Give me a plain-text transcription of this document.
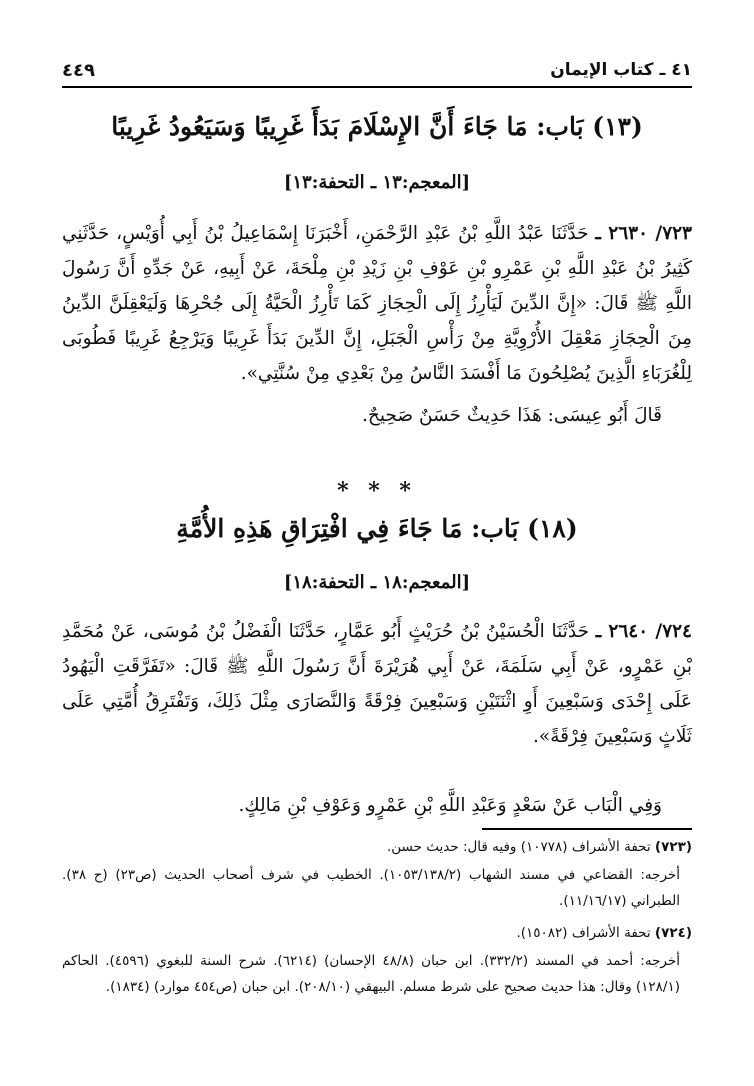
٤١ ـ كتاب الإيمان
٤٤٩
(١٣) بَاب: مَا جَاءَ أَنَّ الإِسْلَامَ بَدَأَ غَرِيبًا وَسَيَعُودُ غَرِيبًا
[المعجم:١٣ ـ التحفة:١٣]
٧٢٣/ ٢٦٣٠ ـ حَدَّثَنَا عَبْدُ اللَّهِ بْنُ عَبْدِ الرَّحْمَنِ، أَخْبَرَنَا إِسْمَاعِيلُ بْنُ أَبِي أُوَيْسٍ، حَدَّثَنِي كَثِيرُ بْنُ عَبْدِ اللَّهِ بْنِ عَمْرِو بْنِ عَوْفِ بْنِ زَيْدِ بْنِ مِلْحَةَ، عَنْ أَبِيهِ، عَنْ جَدِّهِ أَنَّ رَسُولَ اللَّهِ ﷺ قَالَ: «إِنَّ الدِّينَ لَيَأْرِزُ إِلَى الْحِجَازِ كَمَا تَأْرِزُ الْحَيَّةُ إِلَى جُحْرِهَا وَلَيَعْقِلَنَّ الدِّينُ مِنَ الْحِجَازِ مَعْقِلَ الأُرْوِيَّةِ مِنْ رَأْسِ الْجَبَلِ، إِنَّ الدِّينَ بَدَأَ غَرِيبًا وَيَرْجِعُ غَرِيبًا فَطُوبَى لِلْغُرَبَاءِ الَّذِينَ يُصْلِحُونَ مَا أَفْسَدَ النَّاسُ مِنْ بَعْدِي مِنْ سُنَّتِي».
قَالَ أَبُو عِيسَى: هَذَا حَدِيثٌ حَسَنٌ صَحِيحٌ.
* * *
(١٨) بَاب: مَا جَاءَ فِي افْتِرَاقِ هَذِهِ الأُمَّةِ
[المعجم:١٨ ـ التحفة:١٨]
٧٢٤/ ٢٦٤٠ ـ حَدَّثَنَا الْحُسَيْنُ بْنُ حُرَيْثٍ أَبُو عَمَّارٍ، حَدَّثَنَا الْفَضْلُ بْنُ مُوسَى، عَنْ مُحَمَّدِ بْنِ عَمْرٍو، عَنْ أَبِي سَلَمَةَ، عَنْ أَبِي هُرَيْرَةَ أَنَّ رَسُولَ اللَّهِ ﷺ قَالَ: «تَفَرَّقَتِ الْيَهُودُ عَلَى إِحْدَى وَسَبْعِينَ أَوِ اثْنَتَيْنِ وَسَبْعِينَ فِرْقَةً وَالنَّصَارَى مِثْلَ ذَلِكَ، وَتَفْتَرِقُ أُمَّتِي عَلَى ثَلَاثٍ وَسَبْعِينَ فِرْقَةً».
وَفِي الْبَاب عَنْ سَعْدٍ وَعَبْدِ اللَّهِ بْنِ عَمْرٍو وَعَوْفِ بْنِ مَالِكٍ.
(٧٢٣) تحفة الأشراف (١٠٧٧٨) وفيه قال: حديث حسن.
أخرجه: القضاعي في مسند الشهاب (١٠٥٣/١٣٨/٢). الخطيب في شرف أصحاب الحديث (ص٢٣) (ح ٣٨). الطبراني (١١/١٦/١٧).
(٧٢٤) تحفة الأشراف (١٥٠٨٢).
أخرجه: أحمد في المسند (٣٣٢/٢). ابن حبان (٤٨/٨ الإحسان) (٦٢١٤). شرح السنة للبغوي (٤٥٩٦). الحاكم (١٢٨/١) وقال: هذا حديث صحيح على شرط مسلم. البيهقي (٢٠٨/١٠). ابن حبان (ص٤٥٤ موارد) (١٨٣٤).
